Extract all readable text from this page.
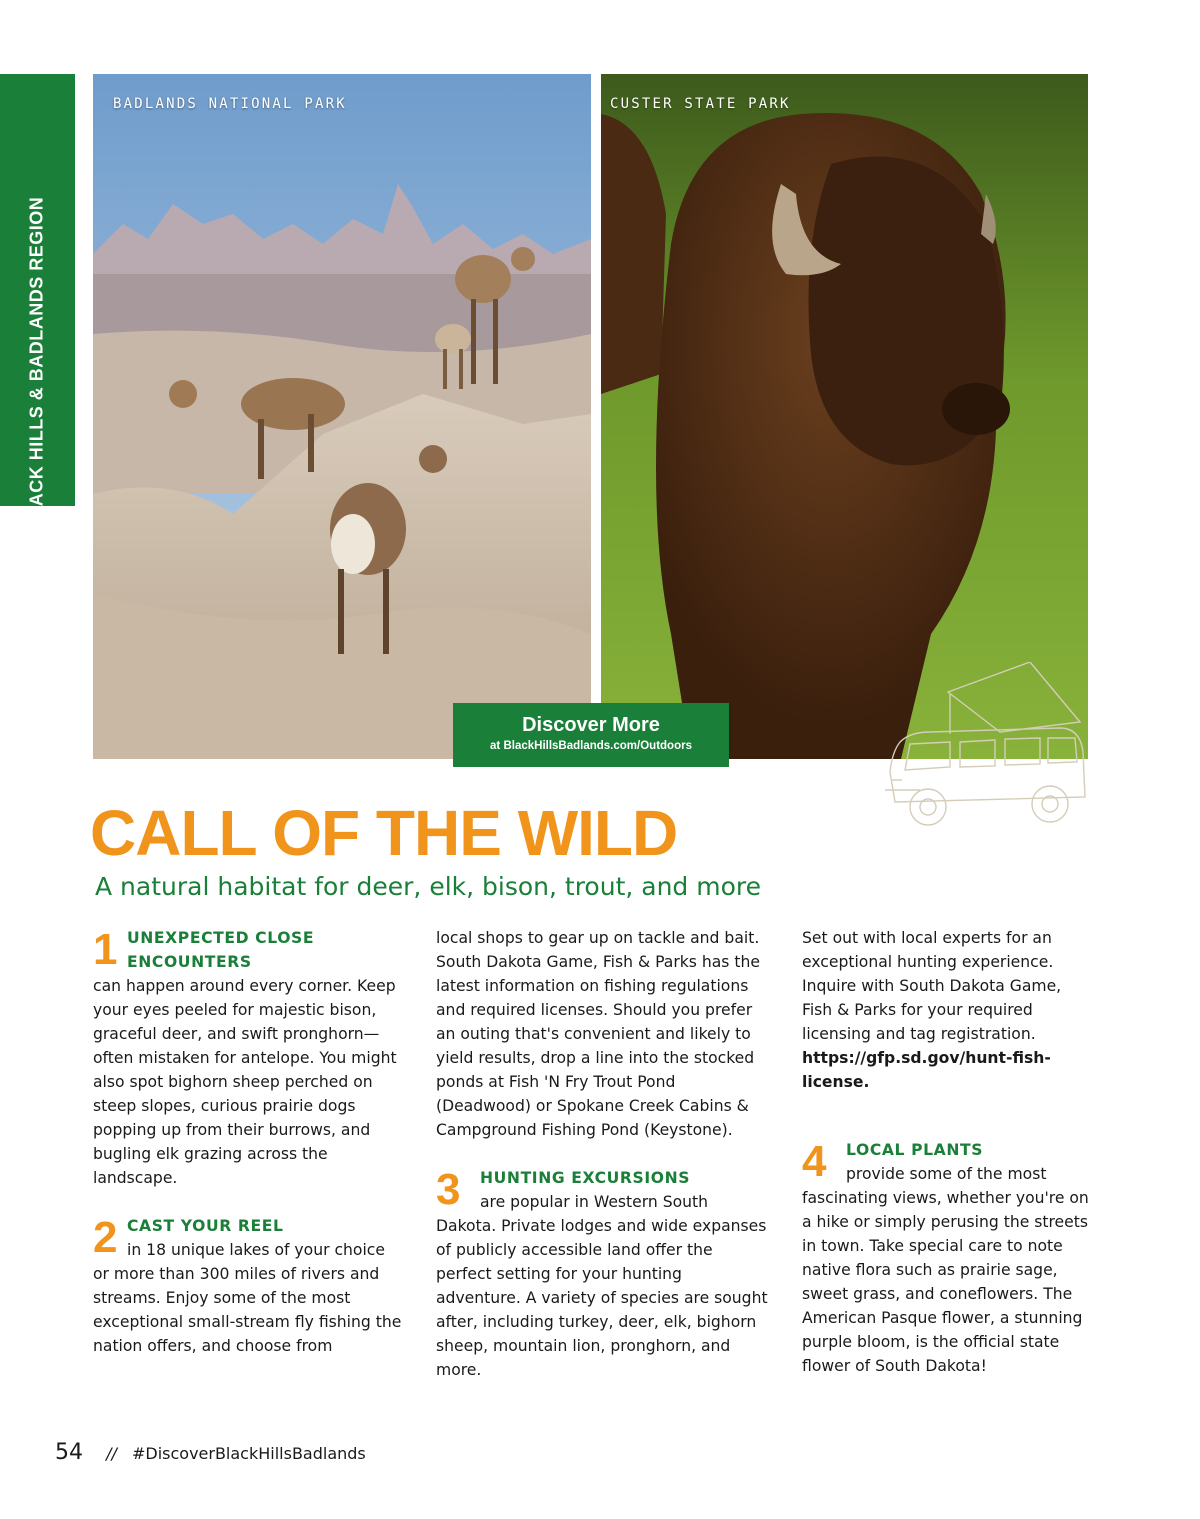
BLACK HILLS & BADLANDS REGION
BADLANDS NATIONAL PARK	CUSTER STATE PARK
Discover More
at BlackHillsBadlands.com/Outdoors
CALL OF THE WILD
A natural habitat for deer, elk, bison, trout, and more
1 UNEXPECTED CLOSE
ENCOUNTERS

can happen around every corner. Keep your eyes peeled for majestic bison, graceful deer, and swift pronghorn—often mistaken for antelope. You might also spot bighorn sheep perched on steep slopes, curious prairie dogs popping up from their burrows, and bugling elk grazing across the landscape.

2 CAST YOUR REEL
in 18 unique lakes of your choice

or more than 300 miles of rivers and streams. Enjoy some of the most exceptional small-stream fly fishing the nation offers, and choose from

local shops to gear up on tackle and bait. South Dakota Game, Fish & Parks has the latest information on fishing regulations and required licenses. Should you prefer an outing that's convenient and likely to yield results, drop a line into the stocked ponds at Fish 'N Fry Trout Pond (Deadwood) or Spokane Creek Cabins & Campground Fishing Pond (Keystone).

3	HUNTING EXCURSIONS
are popular in Western South

Dakota. Private lodges and wide expanses of publicly accessible land offer the perfect setting for your hunting adventure. A variety of species are sought after, including turkey, deer, elk, bighorn sheep, mountain lion, pronghorn, and more.

Set out with local experts for an exceptional hunting experience. Inquire with South Dakota Game, Fish & Parks for your required licensing and tag registration.

https://gfp.sd.gov/hunt-fish-license.

4	LOCAL PLANTS
provide some of the most

fascinating views, whether you're on a hike or simply perusing the streets in town. Take special care to note native flora such as prairie sage, sweet grass, and coneflowers. The American Pasque flower, a stunning purple bloom, is the official state flower of South Dakota!

54 // #DiscoverBlackHillsBadlands
